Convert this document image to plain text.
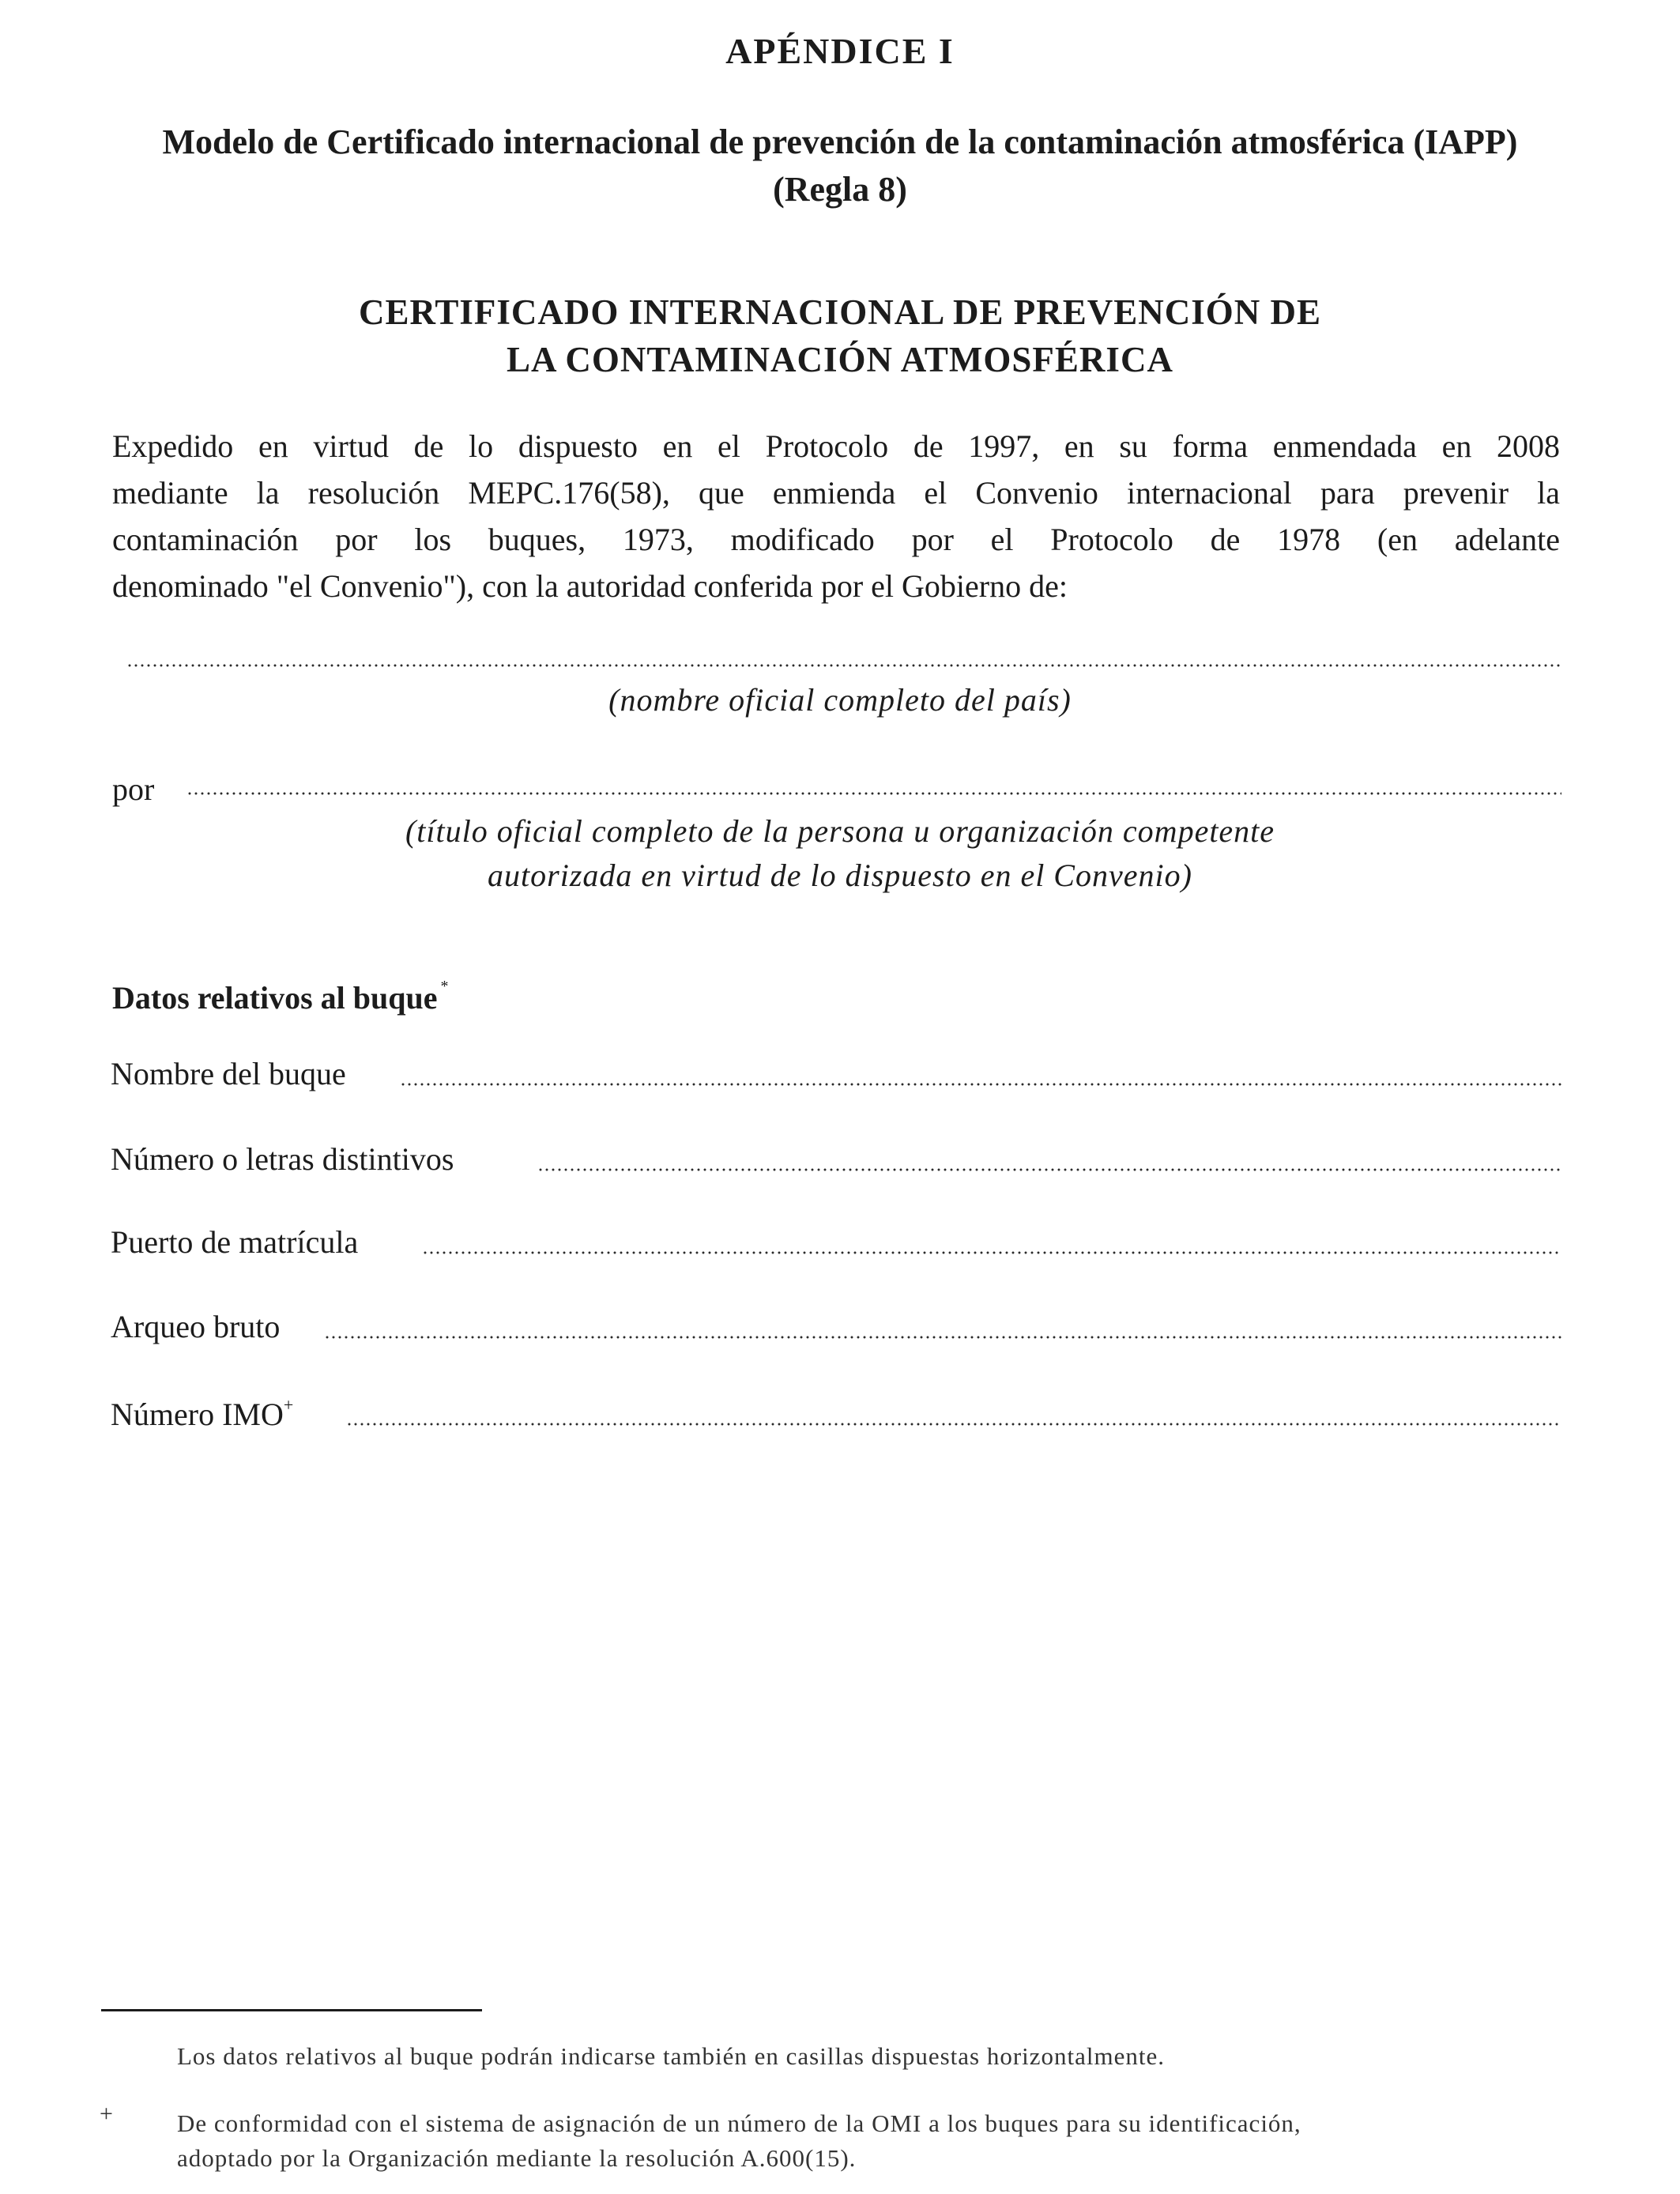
APÉNDICE I
Modelo de Certificado internacional de prevención de la contaminación atmosférica (IAPP)
(Regla 8)
CERTIFICADO INTERNACIONAL DE PREVENCIÓN DE
LA CONTAMINACIÓN ATMOSFÉRICA
Expedido en virtud de lo dispuesto en el Protocolo de 1997, en su forma enmendada en 2008
mediante la resolución MEPC.176(58), que enmienda el Convenio internacional para prevenir la
contaminación por los buques, 1973, modificado por el Protocolo de 1978 (en adelante
denominado "el Convenio"), con la autoridad conferida por el Gobierno de:
(nombre oficial completo del país)
por
(título oficial completo de la persona u organización competente
autorizada en virtud de lo dispuesto en el Convenio)
Datos relativos al buque *
Nombre del buque
Número o letras distintivos
Puerto de matrícula
Arqueo bruto
Número IMO+
Los datos relativos al buque podrán indicarse también en casillas dispuestas horizontalmente.
+	De conformidad con el sistema de asignación de un número de la OMI a los buques para su identificación,
adoptado por la Organización mediante la resolución A.600(15).
